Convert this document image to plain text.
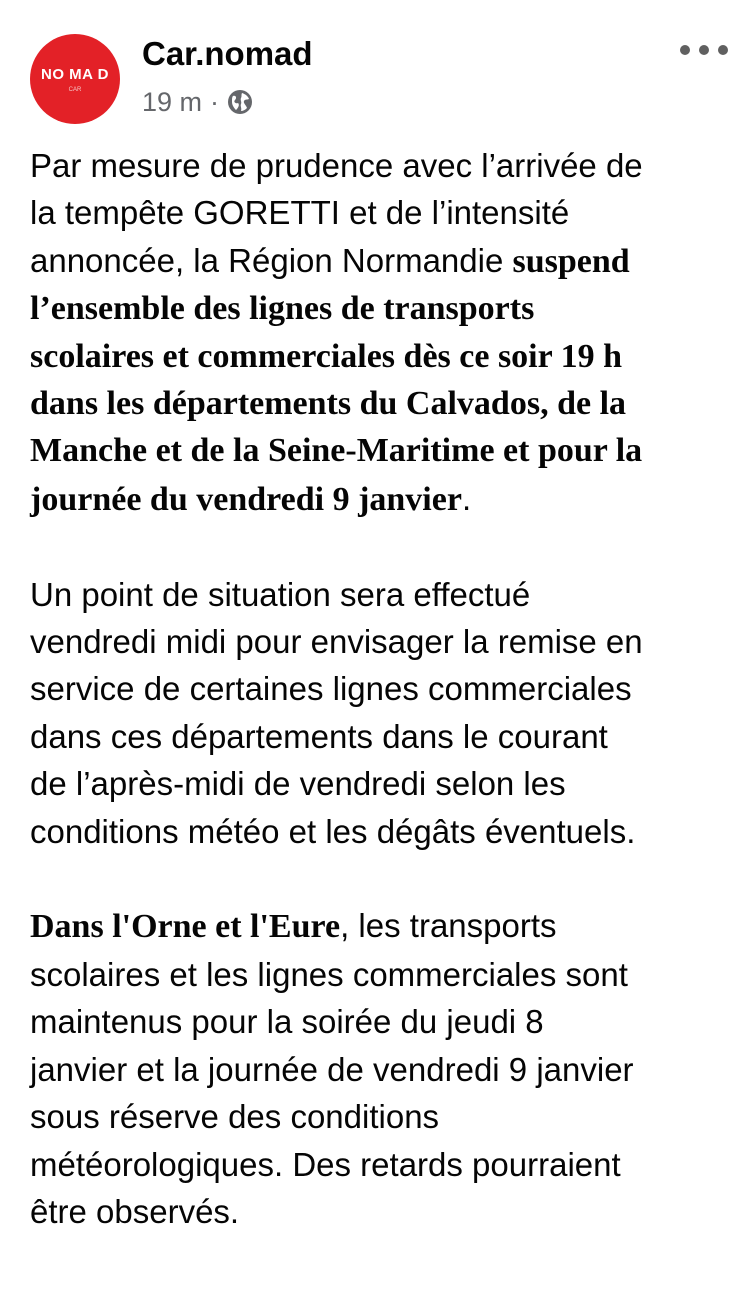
NO MA D
CAR
Car.nomad
19 m ·

Par mesure de prudence avec l’arrivée de
la tempête GORETTI et de l’intensité
annoncée, la Région Normandie suspend
l’ensemble des lignes de transports
scolaires et commerciales dès ce soir 19 h
dans les départements du Calvados, de la
Manche et de la Seine-Maritime et pour la
journée du vendredi 9 janvier.

Un point de situation sera effectué
vendredi midi pour envisager la remise en
service de certaines lignes commerciales
dans ces départements dans le courant
de l’après-midi de vendredi selon les
conditions météo et les dégâts éventuels.

Dans l'Orne et l'Eure, les transports
scolaires et les lignes commerciales sont
maintenus pour la soirée du jeudi 8
janvier et la journée de vendredi 9 janvier
sous réserve des conditions
météorologiques. Des retards pourraient
être observés.
